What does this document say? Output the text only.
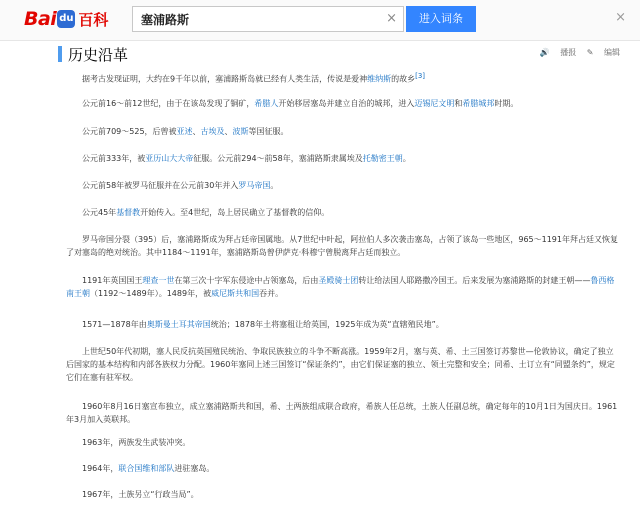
Bai du 百科
塞浦路斯	×	进入词条	×
历史沿革	🔊 播报 ✎ 编辑

据考古发现证明，大约在9千年以前，塞浦路斯岛就已经有人类生活，传说是爱神维纳斯的故乡[3]

公元前16～前12世纪，由于在该岛发现了铜矿，希腊人开始移居塞岛并建立自治的城邦，进入迈锡尼文明和希腊城邦时期。

公元前709～525，后曾被亚述、古埃及、波斯等国征服。

公元前333年，被亚历山大大帝征服。公元前294～前58年，塞浦路斯隶属埃及托勒密王朝。

公元前58年被罗马征服并在公元前30年并入罗马帝国。

公元45年基督教开始传入。至4世纪，岛上居民确立了基督教的信仰。

罗马帝国分裂（395）后，塞浦路斯成为拜占廷帝国属地。从7世纪中叶起，阿拉伯人多次袭击塞岛，占领了该岛一些地区，965～1191年拜占廷又恢复了对塞岛的绝对统治。其中1184～1191年，塞浦路斯岛曾伊萨克·科穆宁曾脱离拜占廷而独立。

1191年英国国王理查一世在第三次十字军东侵途中占领塞岛，后由圣殿骑士团转让给法国人耶路撒冷国王。后来发展为塞浦路斯的封建王朝——鲁西格南王朝（1192～1489年）。1489年，被威尼斯共和国吞并。

1571—1878年由奥斯曼土耳其帝国统治；1878年土将塞租让给英国，1925年成为英“直辖殖民地”。

上世纪50年代初期，塞人民反抗英国殖民统治、争取民族独立的斗争不断高涨。1959年2月，塞与英、希、土三国签订苏黎世—伦敦协议，确定了独立后国家的基本结构和内部各族权力分配。1960年塞同上述三国签订“保证条约”，由它们保证塞的独立、领土完整和安全；同希、土订立有“同盟条约”，规定它们在塞有驻军权。

1960年8月16日塞宣布独立，成立塞浦路斯共和国，希、土两族组成联合政府，希族人任总统，土族人任副总统，确定每年的10月1日为国庆日。1961年3月加入英联邦。

1963年，两族发生武装冲突。

1964年，联合国维和部队进驻塞岛。

1967年，土族另立“行政当局”。
